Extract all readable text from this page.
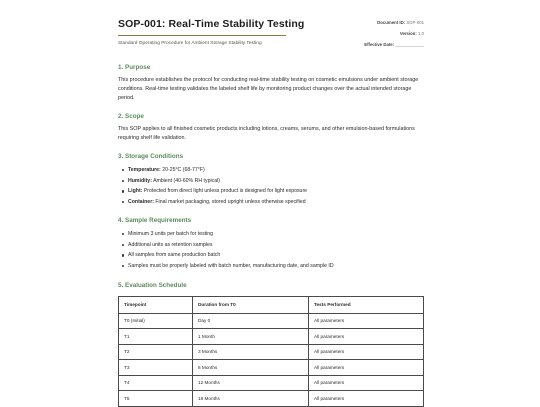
SOP-001: Real-Time Stability Testing
Standard Operating Procedure for Ambient Storage Stability Testing
Document ID: SOP-001
Version: 1.0
Effective Date: ____________
1. Purpose
This procedure establishes the protocol for conducting real-time stability testing on cosmetic emulsions under ambient storage conditions. Real-time testing validates the labeled shelf life by monitoring product changes over the actual intended storage period.
2. Scope
This SOP applies to all finished cosmetic products including lotions, creams, serums, and other emulsion-based formulations requiring shelf life validation.
3. Storage Conditions
Temperature: 20-25°C (68-77°F)
Humidity: Ambient (40-60% RH typical)
Light: Protected from direct light unless product is designed for light exposure
Container: Final market packaging, stored upright unless otherwise specified
4. Sample Requirements
Minimum 3 units per batch for testing
Additional units as retention samples
All samples from same production batch
Samples must be properly labeled with batch number, manufacturing date, and sample ID
5. Evaluation Schedule
Timepoint	Duration from T0	Tests Performed
T0 (Initial)	Day 0	All parameters
T1	1 Month	All parameters
T2	3 Months	All parameters
T3	6 Months	All parameters
T4	12 Months	All parameters
T5	18 Months	All parameters
